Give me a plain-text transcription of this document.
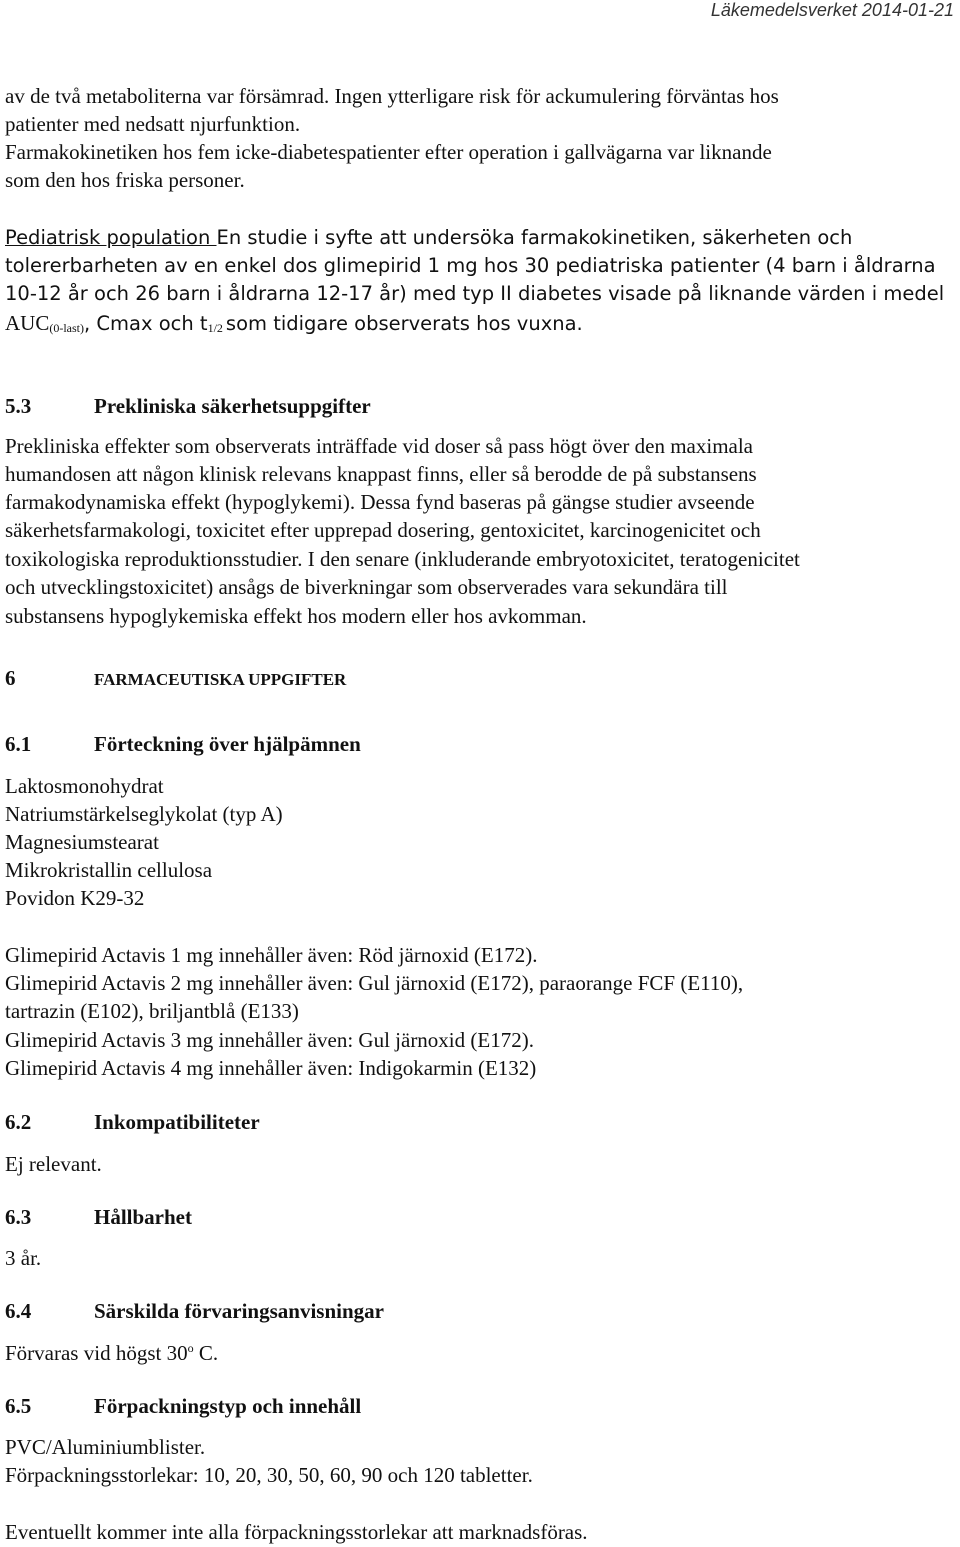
Läkemedelsverket 2014-01-21
av de två metaboliterna var försämrad. Ingen ytterligare risk för ackumulering förväntas hos
patienter med nedsatt njurfunktion.
Farmakokinetiken hos fem icke-diabetespatienter efter operation i gallvägarna var liknande
som den hos friska personer.
Pediatrisk population En studie i syfte att undersöka farmakokinetiken, säkerheten och
tolererbarheten av en enkel dos glimepirid 1 mg hos 30 pediatriska patienter (4 barn i åldrarna
10-12 år och 26 barn i åldrarna 12-17 år) med typ II diabetes visade på liknande värden i medel
$AUC_{(0-last)}$, Cmax och $t_{1/2}$ som tidigare observerats hos vuxna.
5.3	Prekliniska säkerhetsuppgifter
Prekliniska effekter som observerats inträffade vid doser så pass högt över den maximala
humandosen att någon klinisk relevans knappast finns, eller så berodde de på substansens
farmakodynamiska effekt (hypoglykemi). Dessa fynd baseras på gängse studier avseende
säkerhetsfarmakologi, toxicitet efter upprepad dosering, gentoxicitet, karcinogenicitet och
toxikologiska reproduktionsstudier. I den senare (inkluderande embryotoxicitet, teratogenicitet
och utvecklingstoxicitet) ansågs de biverkningar som observerades vara sekundära till
substansens hypoglykemiska effekt hos modern eller hos avkomman.
6	FARMACEUTISKA UPPGIFTER
6.1	Förteckning över hjälpämnen
Laktosmonohydrat
Natriumstärkelseglykolat (typ A)
Magnesiumstearat
Mikrokristallin cellulosa
Povidon K29-32
Glimepirid Actavis 1 mg innehåller även: Röd järnoxid (E172).
Glimepirid Actavis 2 mg innehåller även: Gul järnoxid (E172), paraorange FCF (E110),
tartrazin (E102), briljantblå (E133)
Glimepirid Actavis 3 mg innehåller även: Gul järnoxid (E172).
Glimepirid Actavis 4 mg innehåller även: Indigokarmin (E132)
6.2	Inkompatibiliteter
Ej relevant.
6.3	Hållbarhet
3 år.
6.4	Särskilda förvaringsanvisningar
Förvaras vid högst 30$^o$ C.
6.5	Förpackningstyp och innehåll
PVC/Aluminiumblister.
Förpackningsstorlekar: 10, 20, 30, 50, 60, 90 och 120 tabletter.
Eventuellt kommer inte alla förpackningsstorlekar att marknadsföras.
